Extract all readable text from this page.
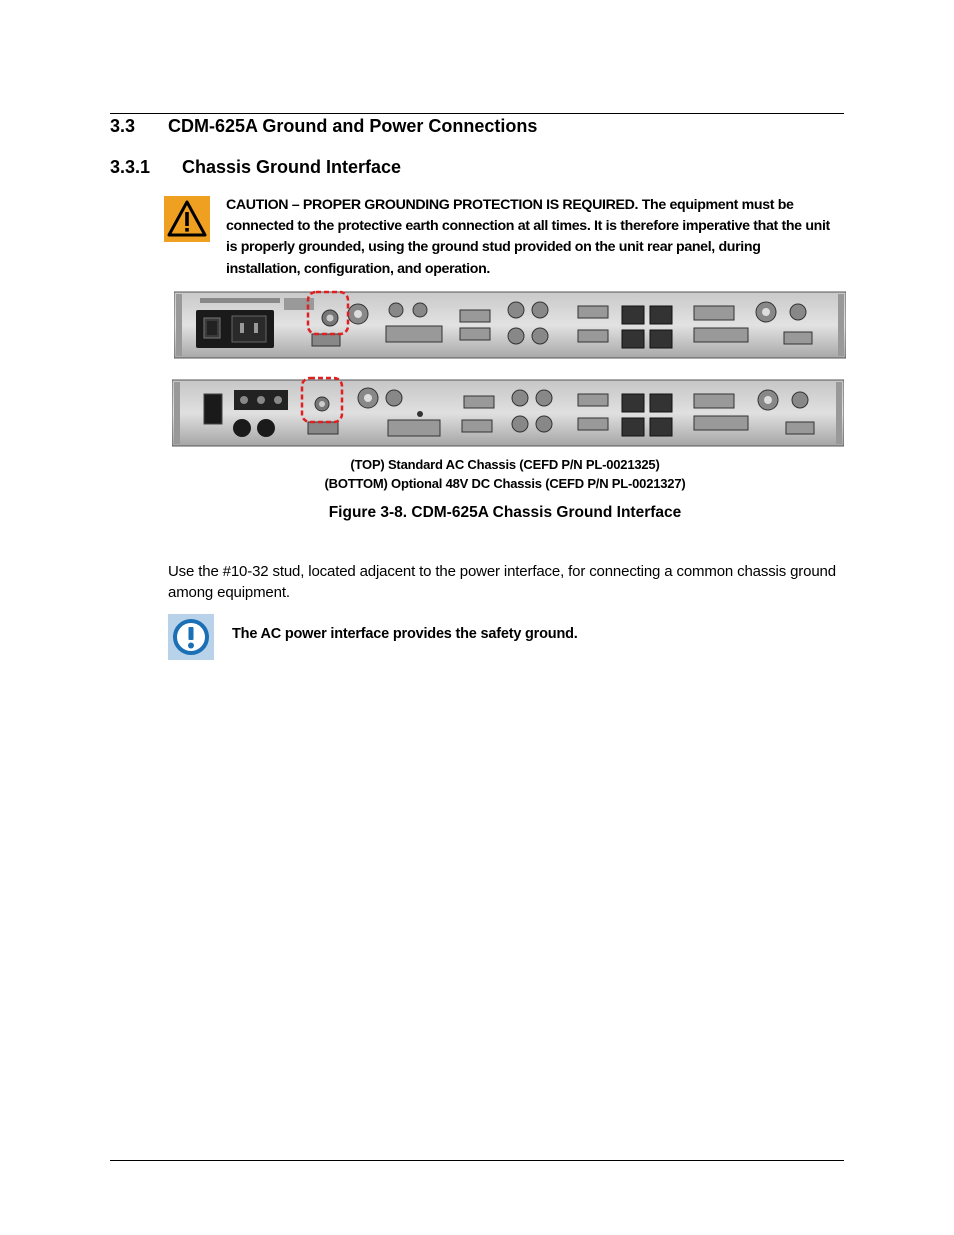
3.3 CDM-625A Ground and Power Connections
3.3.1 Chassis Ground Interface
CAUTION – PROPER GROUNDING PROTECTION IS REQUIRED. The equipment must be connected to the protective earth connection at all times. It is therefore imperative that the unit is properly grounded, using the ground stud provided on the unit rear panel, during installation, configuration, and operation.
(TOP) Standard AC Chassis (CEFD P/N PL-0021325)
(BOTTOM) Optional 48V DC Chassis (CEFD P/N PL-0021327)
Figure 3-8. CDM-625A Chassis Ground Interface
Use the #10-32 stud, located adjacent to the power interface, for connecting a common chassis ground among equipment.
The AC power interface provides the safety ground.
